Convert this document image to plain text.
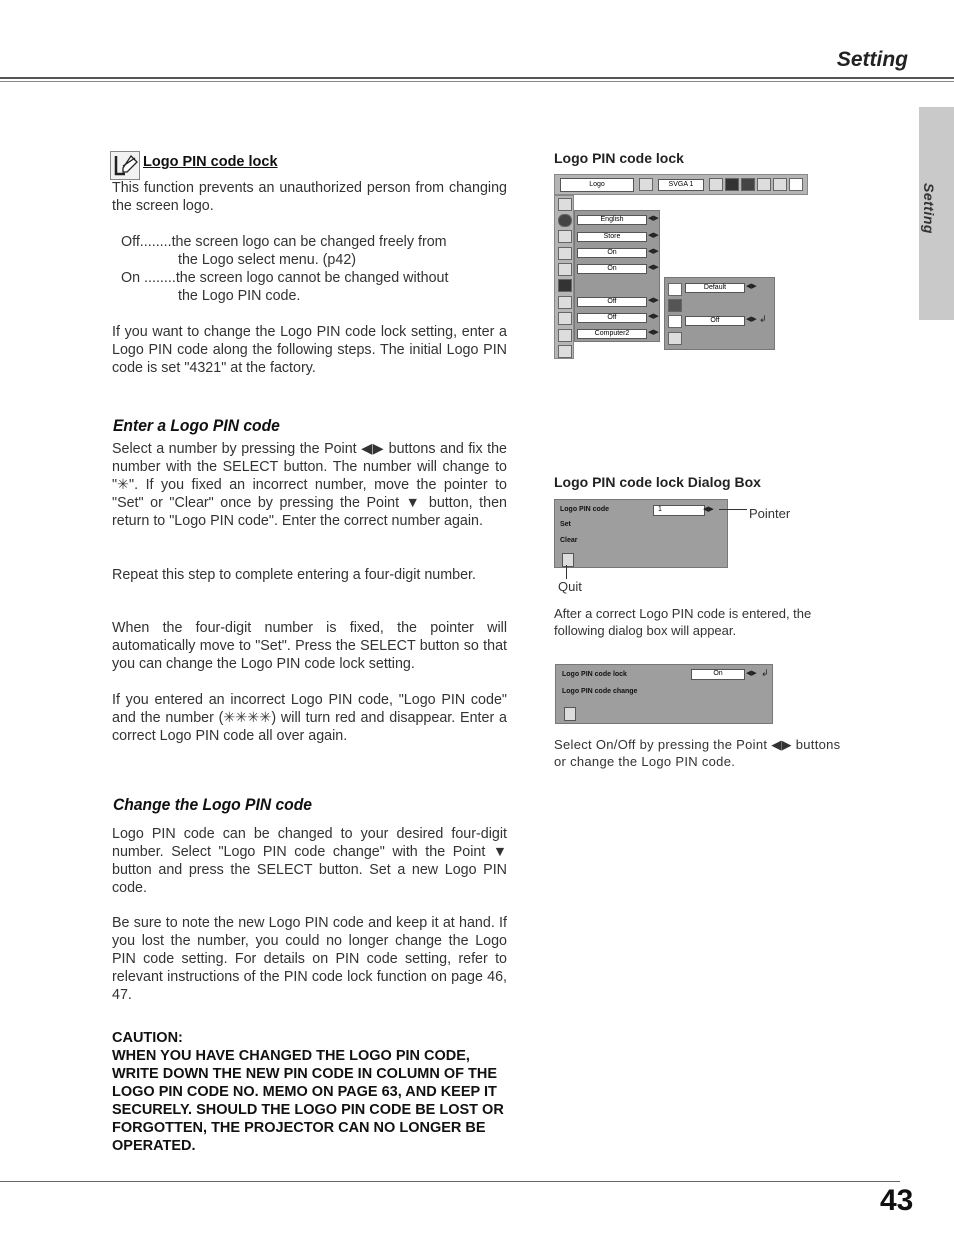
Setting
Setting
Logo PIN code lock
This function prevents an unauthorized person from changing the screen logo.
Off........the screen logo can be changed freely from
the Logo select menu. (p42)
On ........the screen logo cannot be changed without
the Logo PIN code.
If you want to change the Logo PIN code lock setting, enter a Logo PIN code along the following steps. The initial Logo PIN code is set "4321" at the factory.
Enter a Logo PIN code
Select a number by pressing the Point ◀▶ buttons and fix the number with the SELECT button. The number will change to "✳". If you fixed an incorrect number, move the pointer to "Set" or "Clear" once by pressing the Point ▼ button, then return to "Logo PIN code". Enter the correct number again.
Repeat this step to complete entering a four-digit number.
When the four-digit number is fixed, the pointer will automatically move to "Set". Press the SELECT button so that you can change the Logo PIN code lock setting.
If you entered an incorrect Logo PIN code, "Logo PIN code" and the number (✳✳✳✳) will turn red and disappear. Enter a correct Logo PIN code all over again.
Change the Logo PIN code
Logo PIN code can be changed to your desired four-digit number. Select "Logo PIN code change" with the Point ▼ button and press the SELECT button. Set a new Logo PIN code.
Be sure to note the new Logo PIN code and keep it at hand. If you lost the number, you could no longer change the Logo PIN code setting. For details on PIN code setting, refer to relevant instructions of the PIN code lock function on page 46, 47.
CAUTION:
WHEN YOU HAVE CHANGED THE LOGO PIN CODE, WRITE DOWN THE NEW PIN CODE IN COLUMN OF THE LOGO PIN CODE NO. MEMO ON PAGE 63, AND KEEP IT SECURELY. SHOULD THE LOGO PIN CODE BE LOST OR FORGOTTEN, THE PROJECTOR CAN NO LONGER BE OPERATED.
Logo PIN code lock
Logo	SVGA 1
English
Store
On
On
Off
Off
Computer2
◀▶
◀▶
◀▶
◀▶
◀▶
◀▶
◀▶
Default
Off
◀▶
◀▶ ↲
Logo PIN code lock Dialog Box
Logo PIN code
Set
Clear
1	◀▶	Pointer
Quit
After a correct Logo PIN code is entered, the following dialog box will appear.
Logo PIN code lock
Logo PIN code change
On	◀▶ ↲
Select On/Off by pressing the Point ◀▶ buttons or change the Logo PIN code.
43
